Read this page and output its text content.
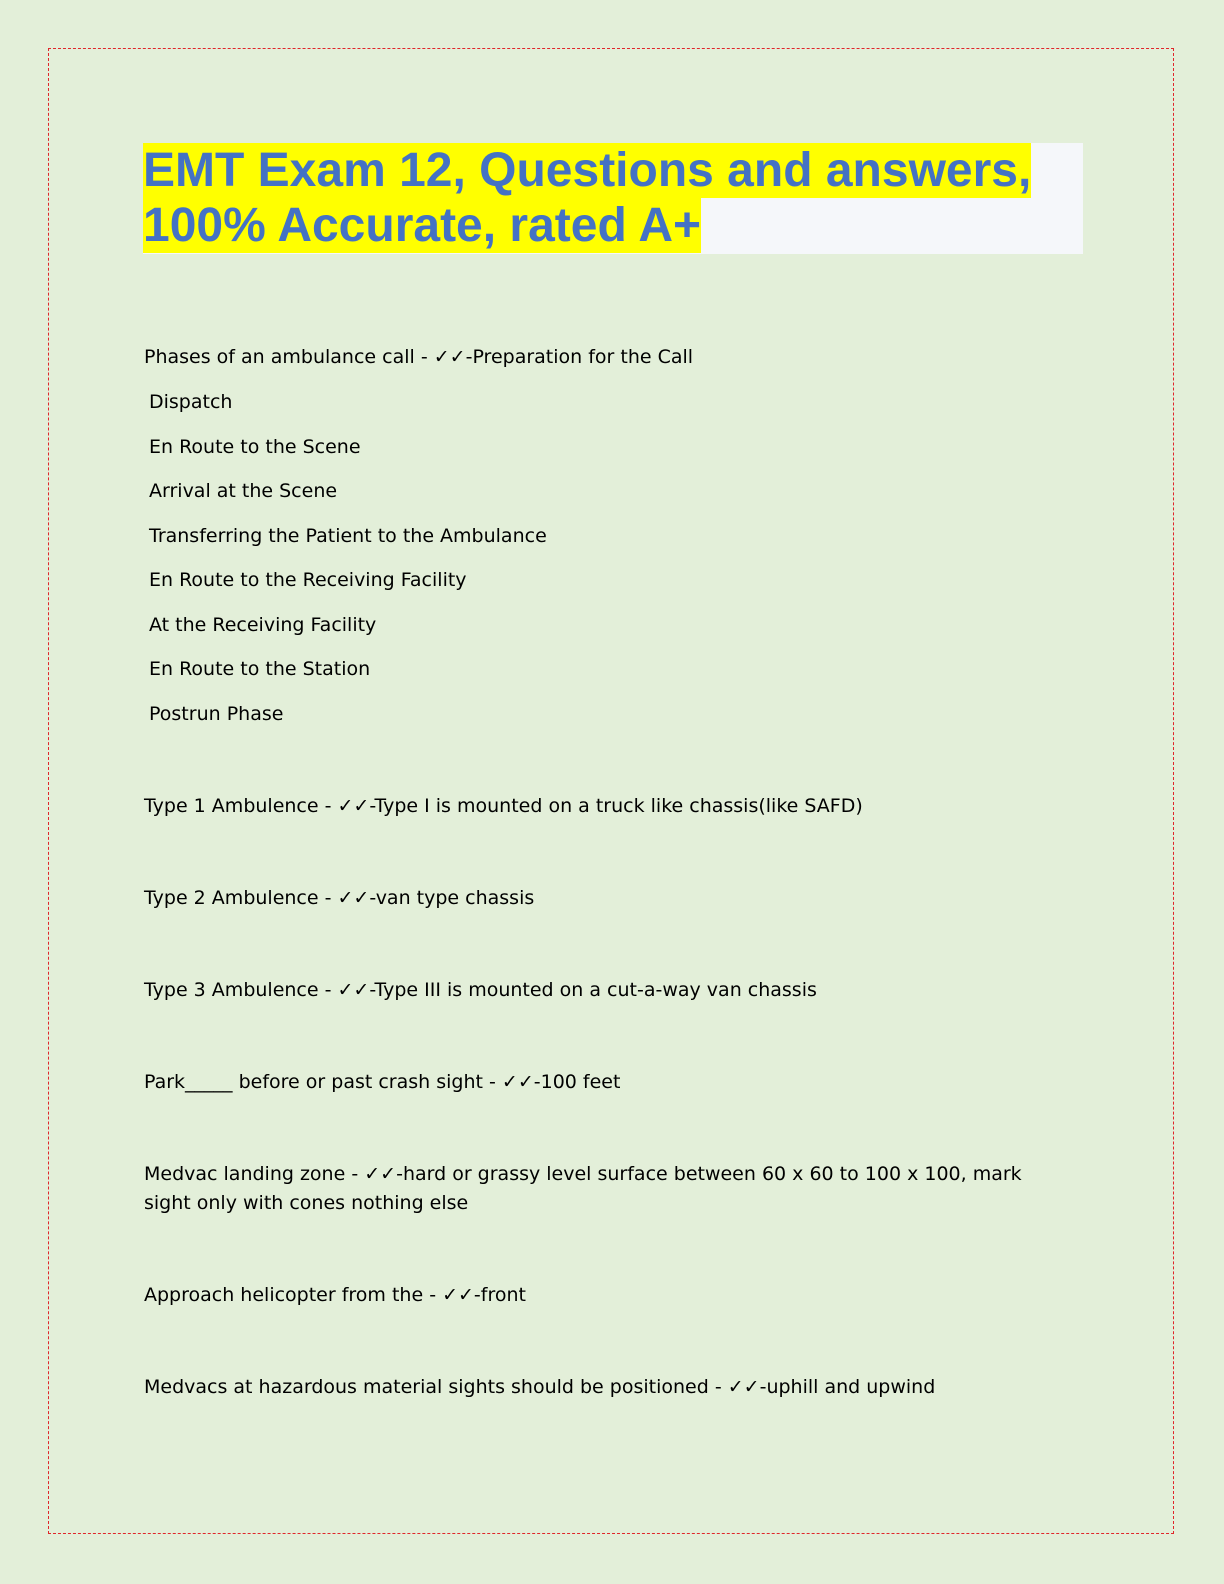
EMT Exam 12, Questions and answers,
100% Accurate, rated A+
Phases of an ambulance call - ✓✓-Preparation for the Call
Dispatch
En Route to the Scene
Arrival at the Scene
Transferring the Patient to the Ambulance
En Route to the Receiving Facility
At the Receiving Facility
En Route to the Station
Postrun Phase
Type 1 Ambulence - ✓✓-Type I is mounted on a truck like chassis(like SAFD)
Type 2 Ambulence - ✓✓-van type chassis
Type 3 Ambulence - ✓✓-Type III is mounted on a cut-a-way van chassis
Park_____ before or past crash sight - ✓✓-100 feet
Medvac landing zone - ✓✓-hard or grassy level surface between 60 x 60 to 100 x 100, mark sight only with cones nothing else
Approach helicopter from the - ✓✓-front
Medvacs at hazardous material sights should be positioned - ✓✓-uphill and upwind
